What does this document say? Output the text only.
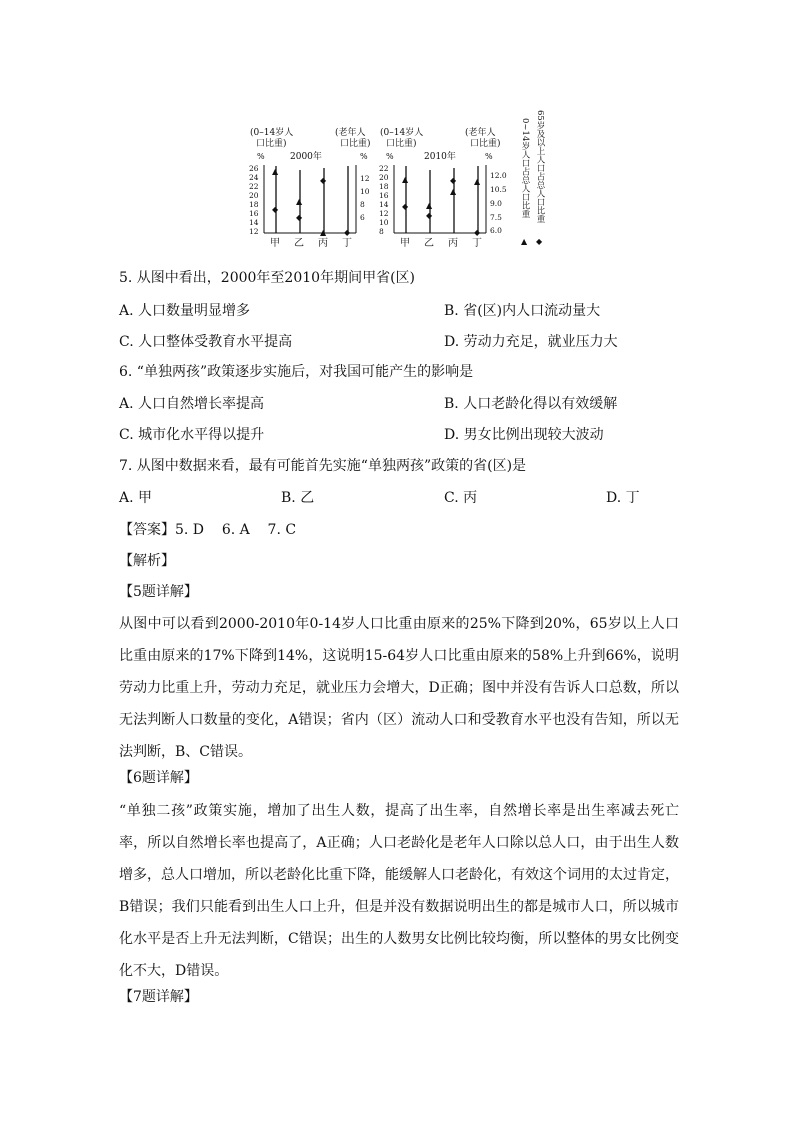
(0–14岁人
口比重)
(老年人
口比重)
%	2000年	%
26
24
22
20
18
16
14
12
12
10
8
6
▲
◆
▲
◆
◆
▲ ◆
甲 乙 丙 丁
(0–14岁人
口比重)
(老年人
口比重)
%	2010年	%
22
20
18
16
14
12
10
8
12.0
10.5
9.0
7.5
6.0
▲
◆ ▲
◆
◆
▲
▲
◆
甲 乙 丙 丁
0~14岁人口占总人口比重
▲
65岁及以上人口占总人口比重
◆
5. 从图中看出，2000年至2010年期间甲省(区)
A. 人口数量明显增多	B. 省(区)内人口流动量大
C. 人口整体受教育水平提高	D. 劳动力充足，就业压力大
6. “单独两孩”政策逐步实施后，对我国可能产生的影响是
A. 人口自然增长率提高	B. 人口老龄化得以有效缓解
C. 城市化水平得以提升	D. 男女比例出现较大波动
7. 从图中数据来看，最有可能首先实施“单独两孩”政策的省(区)是
A. 甲	B. 乙	C. 丙	D. 丁
【答案】5. D    6. A    7. C
【解析】
【5题详解】
从图中可以看到2000-2010年0-14岁人口比重由原来的25%下降到20%，65岁以上人口比重由原来的17%下降到14%，这说明15-64岁人口比重由原来的58%上升到66%，说明劳动力比重上升，劳动力充足，就业压力会增大，D正确；图中并没有告诉人口总数，所以无法判断人口数量的变化，A错误；省内（区）流动人口和受教育水平也没有告知，所以无法判断，B、C错误。
【6题详解】
“单独二孩”政策实施，增加了出生人数，提高了出生率，自然增长率是出生率减去死亡率，所以自然增长率也提高了，A正确；人口老龄化是老年人口除以总人口，由于出生人数增多，总人口增加，所以老龄化比重下降，能缓解人口老龄化，有效这个词用的太过肯定，B错误；我们只能看到出生人口上升，但是并没有数据说明出生的都是城市人口，所以城市化水平是否上升无法判断，C错误；出生的人数男女比例比较均衡，所以整体的男女比例变化不大，D错误。
【7题详解】
